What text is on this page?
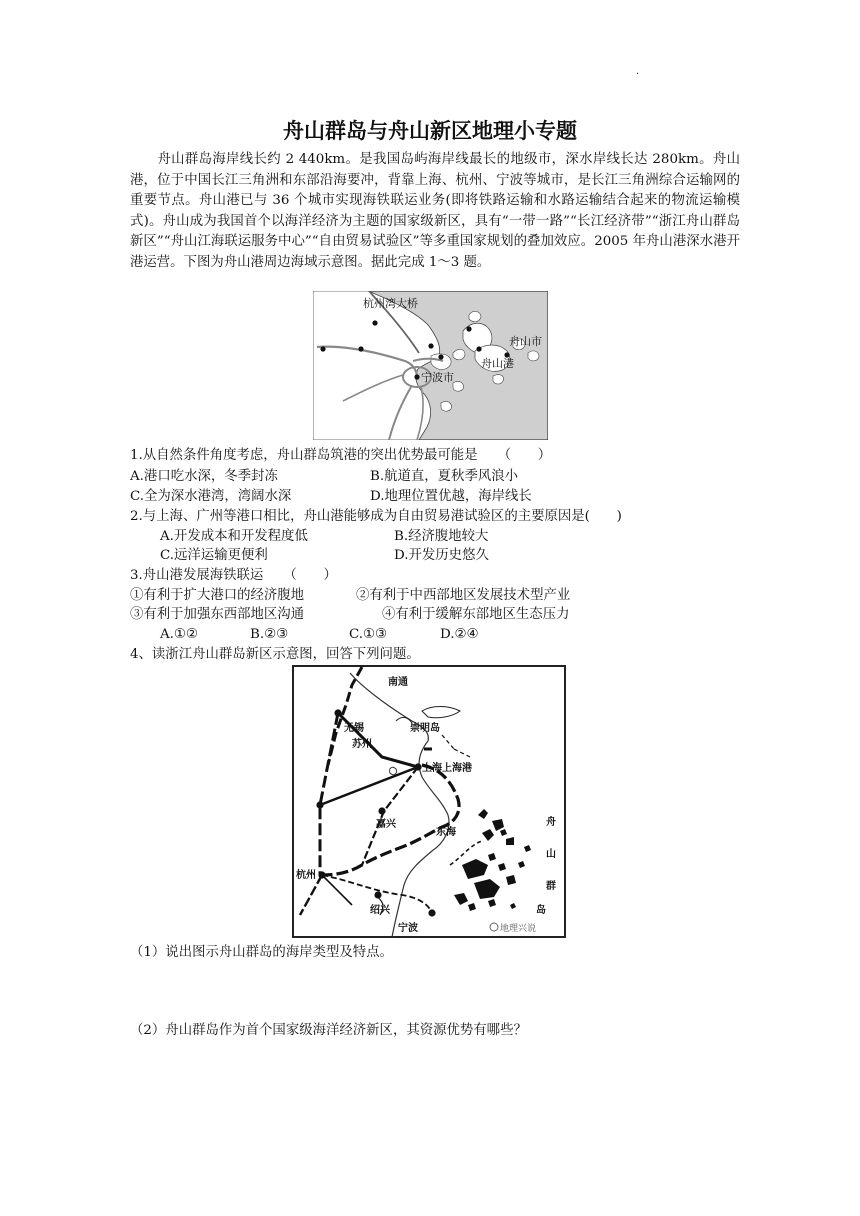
.
舟山群岛与舟山新区地理小专题
舟山群岛海岸线长约 2 440km。是我国岛屿海岸线最长的地级市，深水岸线长达 280km。舟山港，位于中国长江三角洲和东部沿海要冲，背靠上海、杭州、宁波等城市，是长江三角洲综合运输网的重要节点。舟山港已与 36 个城市实现海铁联运业务(即将铁路运输和水路运输结合起来的物流运输模式)。舟山成为我国首个以海洋经济为主题的国家级新区，具有“一带一路”“长江经济带”“浙江舟山群岛新区”“舟山江海联运服务中心”“自由贸易试验区”等多重国家规划的叠加效应。2005 年舟山港深水港开港运营。下图为舟山港周边海域示意图。据此完成 1～3 题。
杭州湾大桥
舟山市
舟山港
宁波市
1.从自然条件角度考虑，舟山群岛筑港的突出优势最可能是　　（　　）
A.港口吃水深，冬季封冻	B.航道直，夏秋季风浪小
C.全为深水港湾，湾阔水深	D.地理位置优越，海岸线长
2.与上海、广州等港口相比，舟山港能够成为自由贸易港试验区的主要原因是(　　)
A.开发成本和开发程度低	B.经济腹地较大
C.远洋运输更便利	D.开发历史悠久
3.舟山港发展海铁联运　　（　　）
①有利于扩大港口的经济腹地	②有利于中西部地区发展技术型产业
③有利于加强东西部地区沟通	④有利于缓解东部地区生态压力
A.①②	B.②③	C.①③	D.②④
4、读浙江舟山群岛新区示意图，回答下列问题。
南通
无锡	崇明岛
苏州
上海上海港
嘉兴
东海
杭州
绍兴
宁波
舟
山
群
岛
地理兴说
（1）说出图示舟山群岛的海岸类型及特点。
（2）舟山群岛作为首个国家级海洋经济新区，其资源优势有哪些？
